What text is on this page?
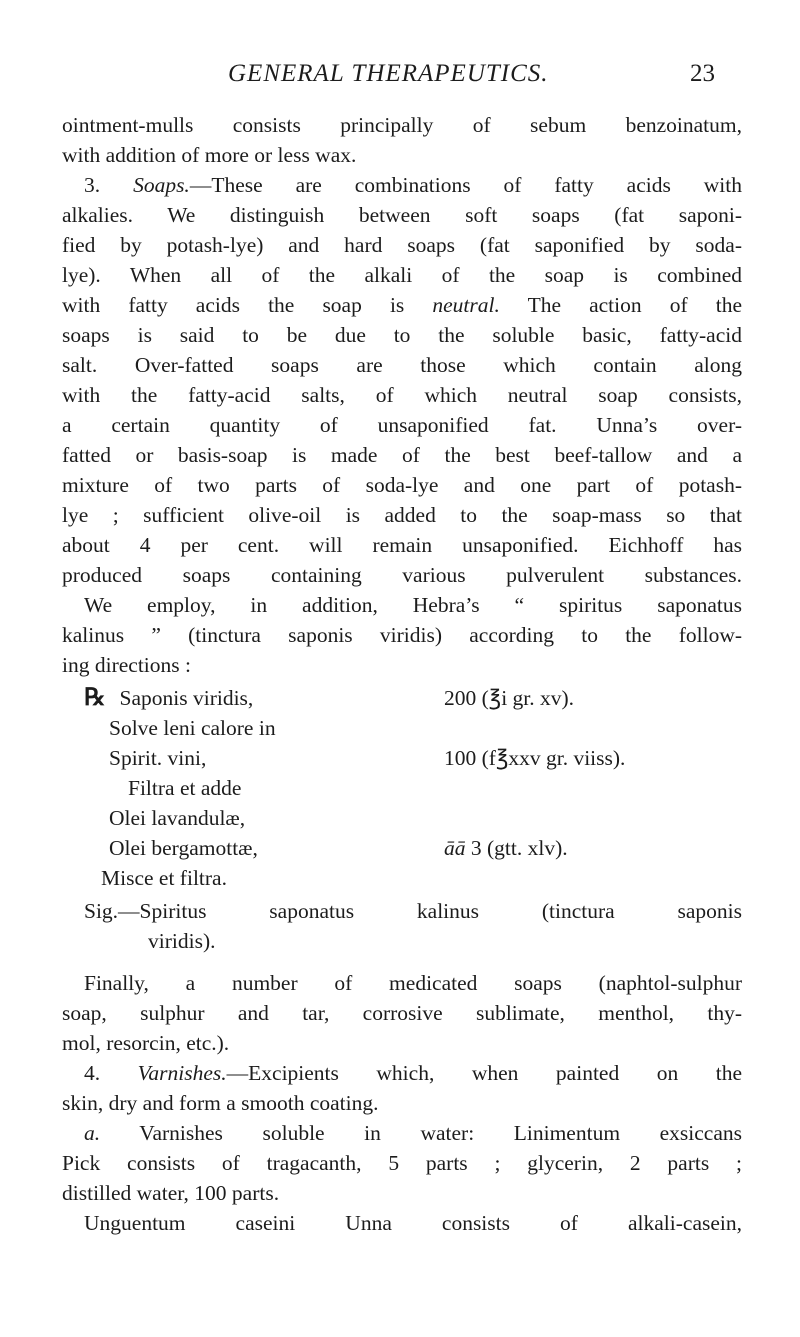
GENERAL THERAPEUTICS.	23
ointment-mulls consists principally of sebum benzoinatum,
with addition of more or less wax.
3. Soaps.—These are combinations of fatty acids with
alkalies. We distinguish between soft soaps (fat saponi-
fied by potash-lye) and hard soaps (fat saponified by soda-
lye). When all of the alkali of the soap is combined
with fatty acids the soap is neutral. The action of the
soaps is said to be due to the soluble basic, fatty-acid
salt. Over-fatted soaps are those which contain along
with the fatty-acid salts, of which neutral soap consists,
a certain quantity of unsaponified fat. Unna’s over-
fatted or basis-soap is made of the best beef-tallow and a
mixture of two parts of soda-lye and one part of potash-
lye ; sufficient olive-oil is added to the soap-mass so that
about 4 per cent. will remain unsaponified. Eichhoff has
produced soaps containing various pulverulent substances.
We employ, in addition, Hebra’s “ spiritus saponatus
kalinus ” (tinctura saponis viridis) according to the follow-
ing directions :
℞ Saponis viridis,	200 (℥i gr. xv).
Solve leni calore in
Spirit. vini,	100 (f℥xxv gr. viiss).
Filtra et adde
Olei lavandulæ,
Olei bergamottæ,	āā 3 (gtt. xlv).
Misce et filtra.
Sig.—Spiritus saponatus kalinus (tinctura saponis
viridis).
Finally, a number of medicated soaps (naphtol-sulphur
soap, sulphur and tar, corrosive sublimate, menthol, thy-
mol, resorcin, etc.).
4. Varnishes.—Excipients which, when painted on the
skin, dry and form a smooth coating.
a. Varnishes soluble in water: Linimentum exsiccans
Pick consists of tragacanth, 5 parts ; glycerin, 2 parts ;
distilled water, 100 parts.
Unguentum caseini Unna consists of alkali-casein,
